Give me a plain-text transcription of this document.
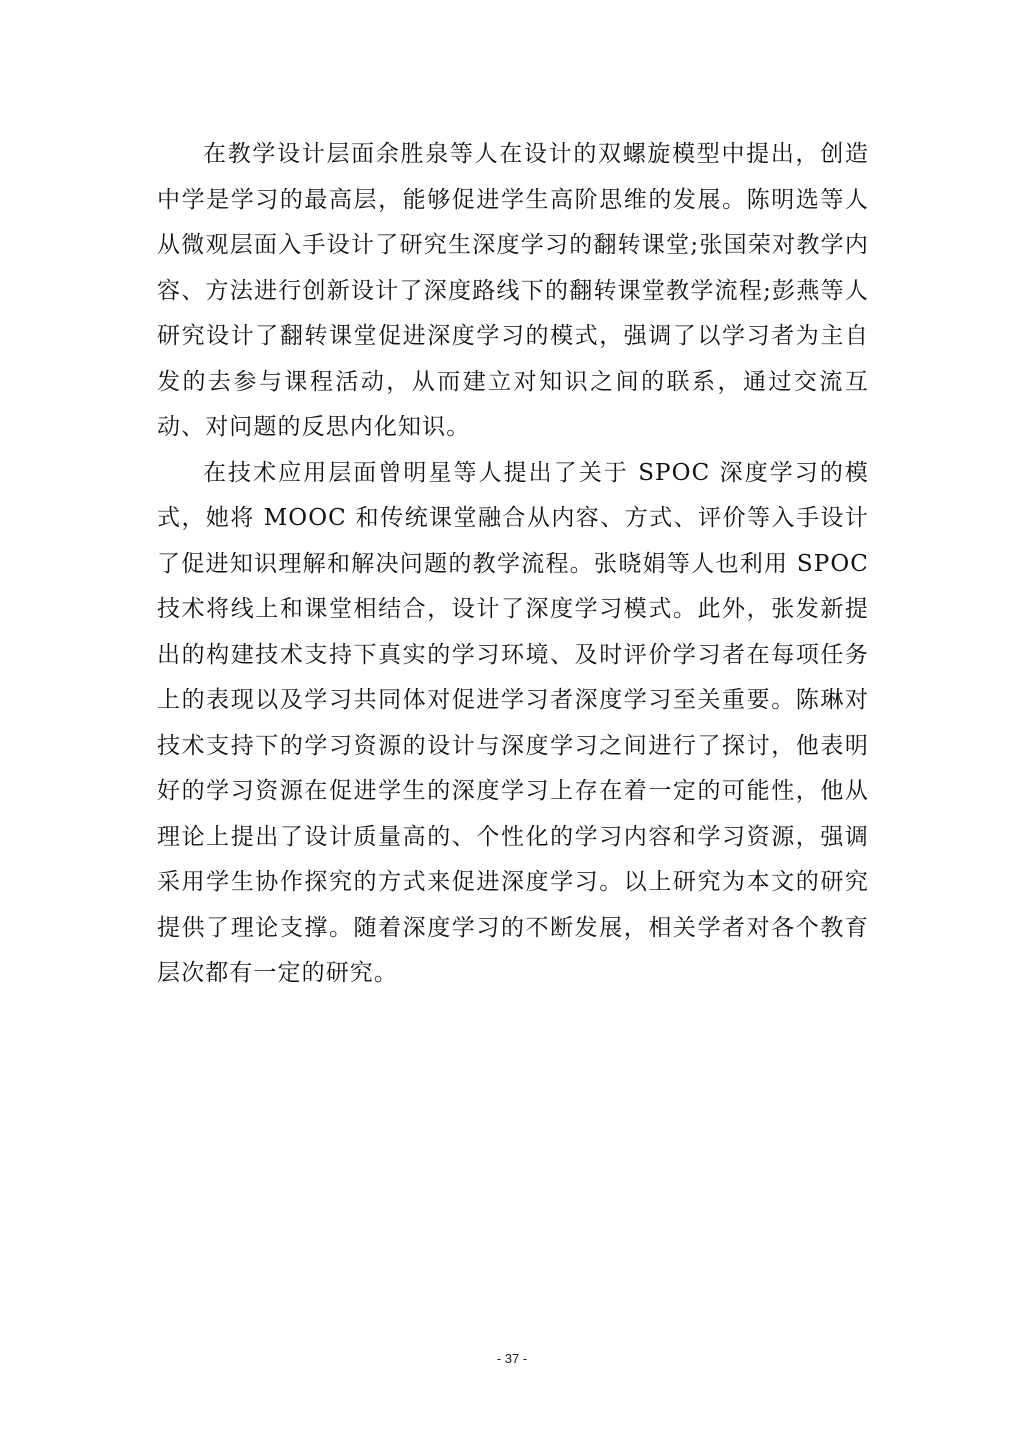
在教学设计层面余胜泉等人在设计的双螺旋模型中提出，创造中学是学习的最高层，能够促进学生高阶思维的发展。陈明选等人从微观层面入手设计了研究生深度学习的翻转课堂;张国荣对教学内容、方法进行创新设计了深度路线下的翻转课堂教学流程;彭燕等人研究设计了翻转课堂促进深度学习的模式，强调了以学习者为主自发的去参与课程活动，从而建立对知识之间的联系，通过交流互动、对问题的反思内化知识。

在技术应用层面曾明星等人提出了关于 SPOC 深度学习的模式，她将 MOOC 和传统课堂融合从内容、方式、评价等入手设计了促进知识理解和解决问题的教学流程。张晓娟等人也利用 SPOC 技术将线上和课堂相结合，设计了深度学习模式。此外，张发新提出的构建技术支持下真实的学习环境、及时评价学习者在每项任务上的表现以及学习共同体对促进学习者深度学习至关重要。陈琳对技术支持下的学习资源的设计与深度学习之间进行了探讨，他表明好的学习资源在促进学生的深度学习上存在着一定的可能性，他从理论上提出了设计质量高的、个性化的学习内容和学习资源，强调采用学生协作探究的方式来促进深度学习。以上研究为本文的研究提供了理论支撑。随着深度学习的不断发展，相关学者对各个教育层次都有一定的研究。

- 37 -
